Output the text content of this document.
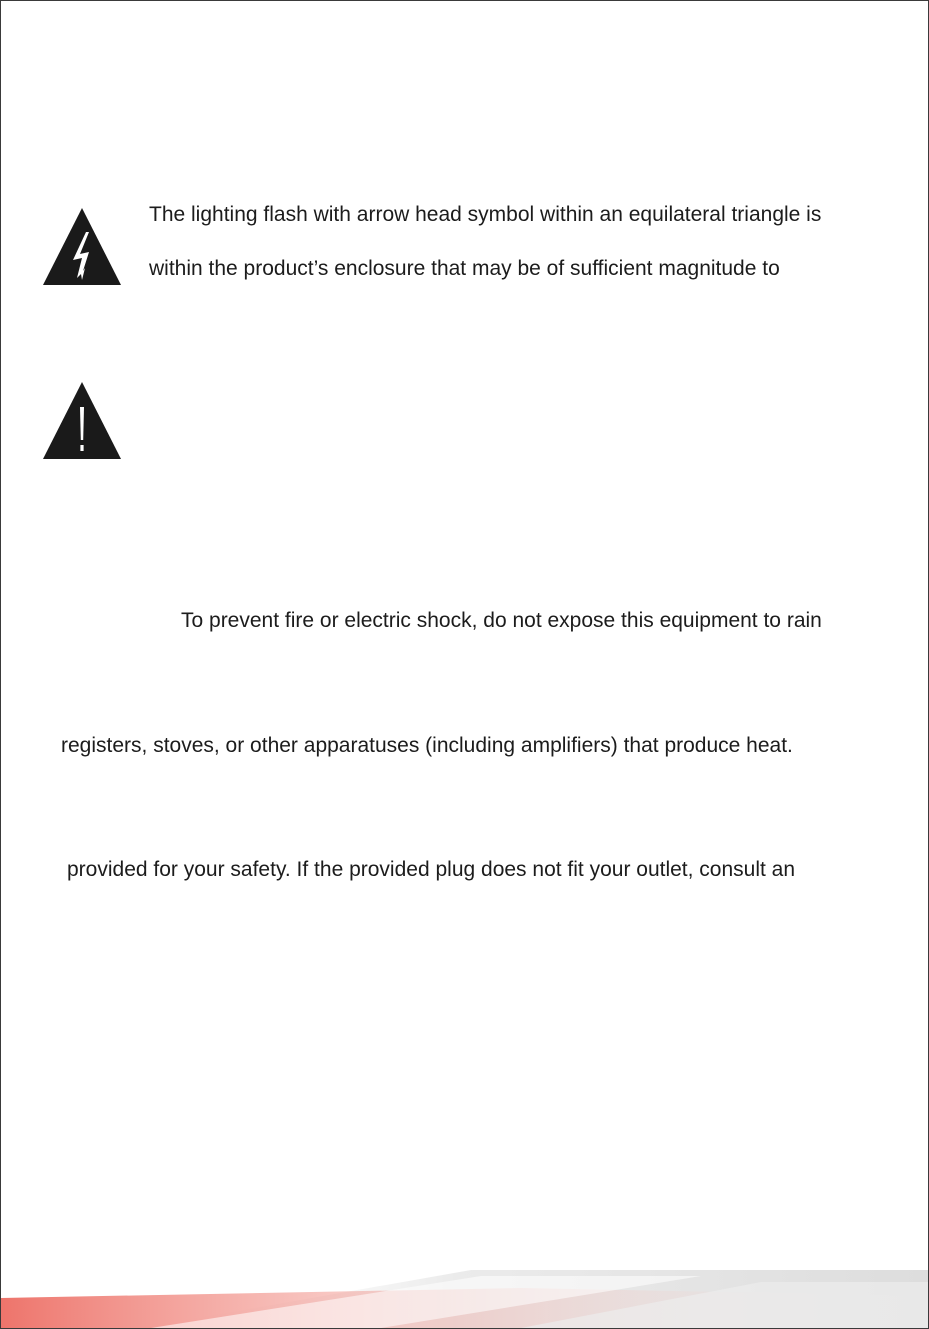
The lighting flash with arrow head symbol within an equilateral triangle is
within the product’s enclosure that may be of sufficient magnitude to
To prevent fire or electric shock, do not expose this equipment to rain
registers, stoves, or other apparatuses (including amplifiers) that produce heat.
provided for your safety. If the provided plug does not fit your outlet, consult an
